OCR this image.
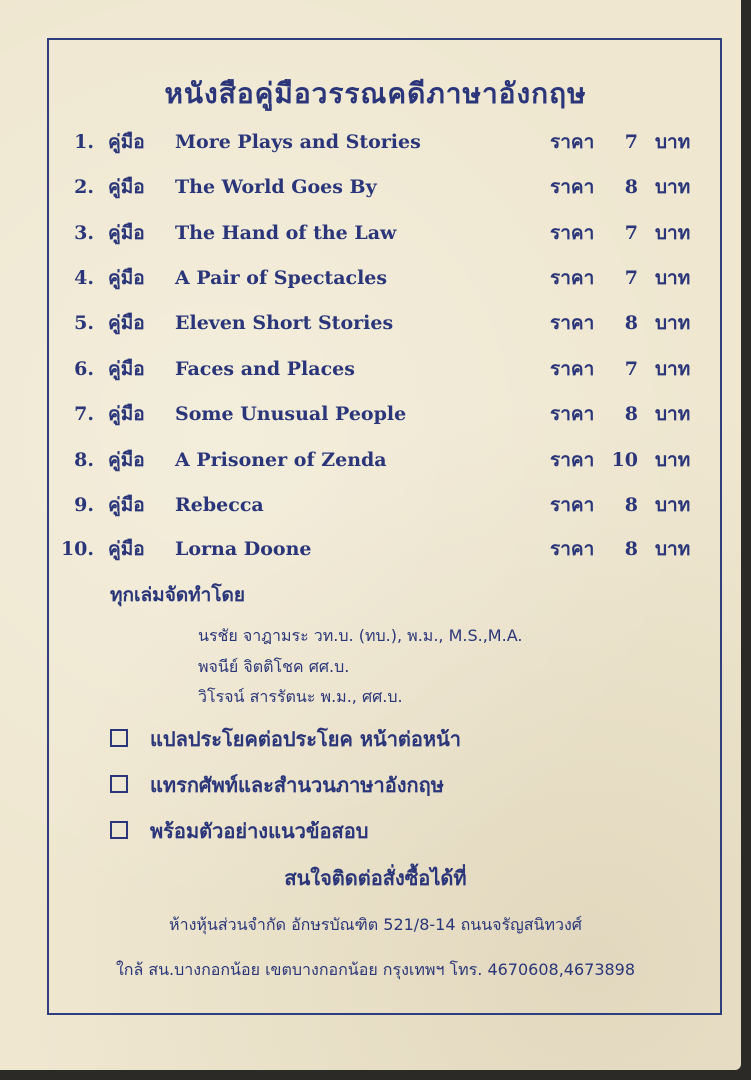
หนังสือคู่มือวรรณคดีภาษาอังกฤษ
1. คู่มือ More Plays and Stories	ราคา	7 บาท
2. คู่มือ The World Goes By	ราคา	8 บาท
3. คู่มือ The Hand of the Law	ราคา	7 บาท
4. คู่มือ A Pair of Spectacles	ราคา	7 บาท
5. คู่มือ Eleven Short Stories	ราคา	8 บาท
6. คู่มือ Faces and Places	ราคา	7 บาท
7. คู่มือ Some Unusual People	ราคา	8 บาท
8. คู่มือ A Prisoner of Zenda	ราคา 10 บาท
9. คู่มือ Rebecca	ราคา	8 บาท
10. คู่มือ Lorna Doone	ราคา	8 บาท
ทุกเล่มจัดทำโดย
นรชัย จาฎามระ วท.บ. (ทบ.), พ.ม., M.S.,M.A.
พจนีย์ จิตติโชค ศศ.บ.
วิโรจน์ สารรัตนะ พ.ม., ศศ.บ.
แปลประโยคต่อประโยค หน้าต่อหน้า
แทรกศัพท์และสำนวนภาษาอังกฤษ
พร้อมตัวอย่างแนวข้อสอบ
สนใจติดต่อสั่งซื้อได้ที่
ห้างหุ้นส่วนจำกัด อักษรบัณฑิต 521/8-14 ถนนจรัญสนิทวงศ์
ใกล้ สน.บางกอกน้อย เขตบางกอกน้อย กรุงเทพฯ โทร. 4670608,4673898
